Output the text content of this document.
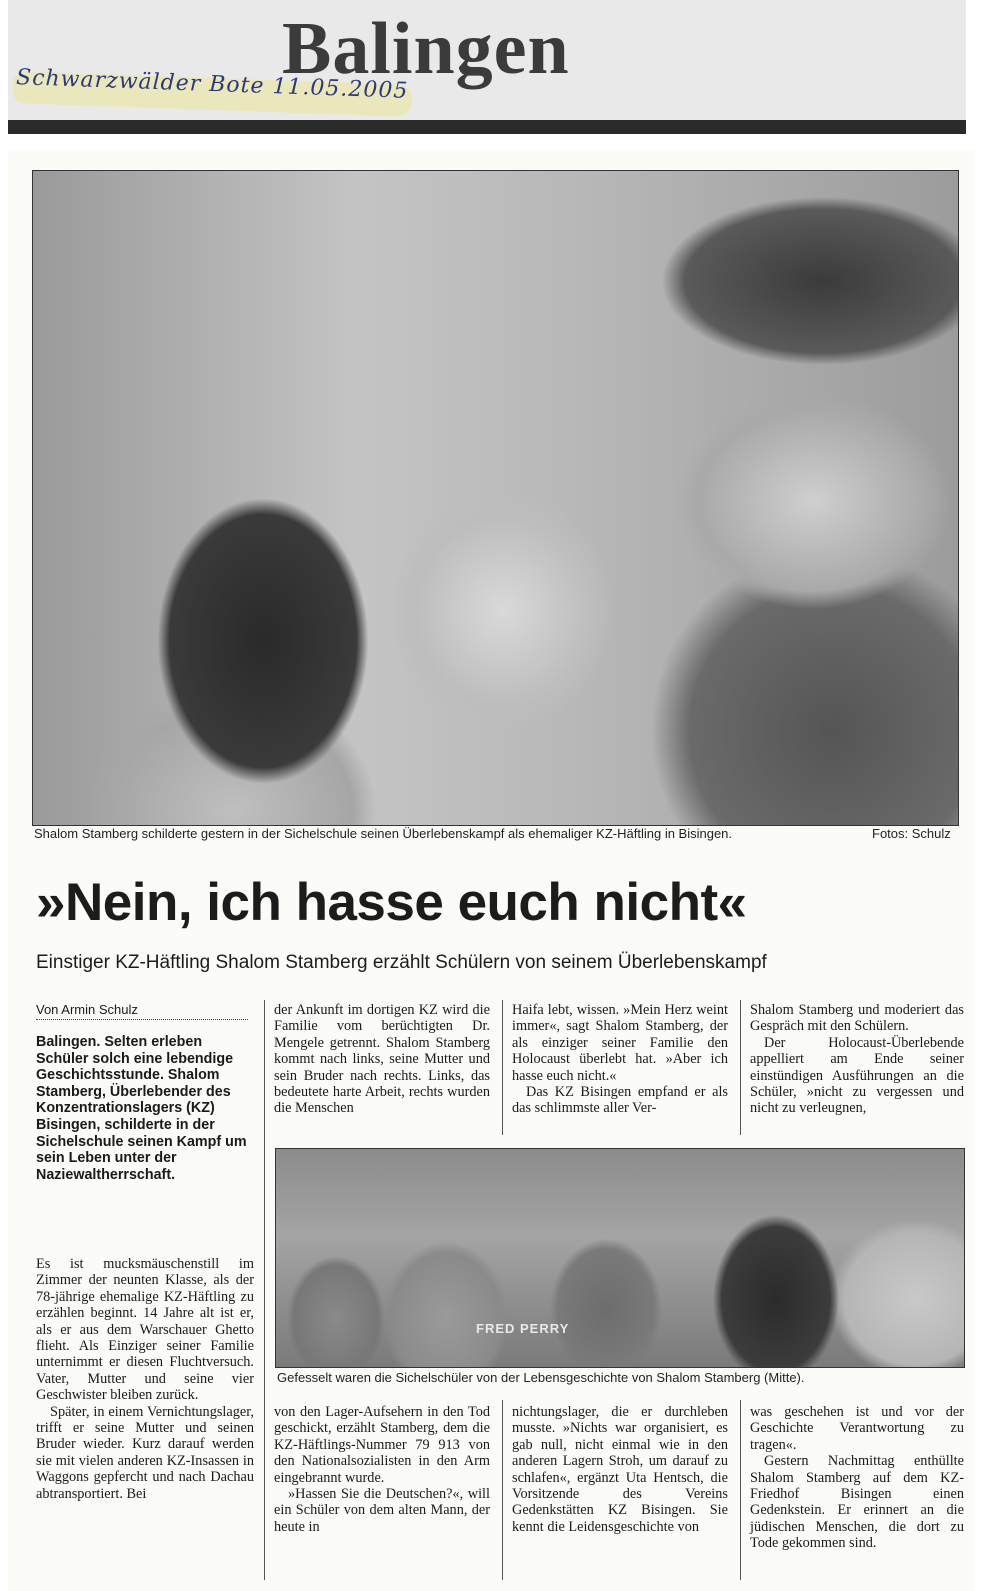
Schwarzwälder Bote 11.05.2005
Balingen
Shalom Stamberg schilderte gestern in der Sichelschule seinen Überlebenskampf als ehemaliger KZ-Häftling in Bisingen.	Fotos: Schulz
»Nein, ich hasse euch nicht«
Einstiger KZ-Häftling Shalom Stamberg erzählt Schülern von seinem Überlebenskampf
Von Armin Schulz
Balingen. Selten erleben Schüler solch eine lebendige Geschichtsstunde. Shalom Stamberg, Überlebender des Konzentrationslagers (KZ) Bisingen, schilderte in der Sichelschule seinen Kampf um sein Leben unter der Naziewaltherrschaft.

Es ist mucksmäuschenstill im Zimmer der neunten Klasse, als der 78-jährige ehemalige KZ-Häftling zu erzählen beginnt. 14 Jahre alt ist er, als er aus dem Warschauer Ghetto flieht. Als Einziger seiner Familie unternimmt er diesen Fluchtversuch. Vater, Mutter und seine vier Geschwister bleiben zurück.

Später, in einem Vernichtungslager, trifft er seine Mutter und seinen Bruder wieder. Kurz darauf werden sie mit vielen anderen KZ-Insassen in Waggons gepfercht und nach Dachau abtransportiert. Bei

der Ankunft im dortigen KZ wird die Familie vom berüchtigten Dr. Mengele getrennt. Shalom Stamberg kommt nach links, seine Mutter und sein Bruder nach rechts. Links, das bedeutete harte Arbeit, rechts wurden die Menschen

Haifa lebt, wissen. »Mein Herz weint immer«, sagt Shalom Stamberg, der als einziger seiner Familie den Holocaust überlebt hat. »Aber ich hasse euch nicht.«

Das KZ Bisingen empfand er als das schlimmste aller Ver-

Shalom Stamberg und moderiert das Gespräch mit den Schülern.

Der Holocaust-Überlebende appelliert am Ende seiner einstündigen Ausführungen an die Schüler, »nicht zu vergessen und nicht zu verleugnen,

FRED PERRY
Gefesselt waren die Sichelschüler von der Lebensgeschichte von Shalom Stamberg (Mitte).

von den Lager-Aufsehern in den Tod geschickt, erzählt Stamberg, dem die KZ-Häftlings-Nummer 79 913 von den Nationalsozialisten in den Arm eingebrannt wurde.

»Hassen Sie die Deutschen?«, will ein Schüler von dem alten Mann, der heute in

nichtungslager, die er durchleben musste. »Nichts war organisiert, es gab null, nicht einmal wie in den anderen Lagern Stroh, um darauf zu schlafen«, ergänzt Uta Hentsch, die Vorsitzende des Vereins Gedenkstätten KZ Bisingen. Sie kennt die Leidensgeschichte von

was geschehen ist und vor der Geschichte Verantwortung zu tragen«.

Gestern Nachmittag enthüllte Shalom Stamberg auf dem KZ-Friedhof Bisingen einen Gedenkstein. Er erinnert an die jüdischen Menschen, die dort zu Tode gekommen sind.
